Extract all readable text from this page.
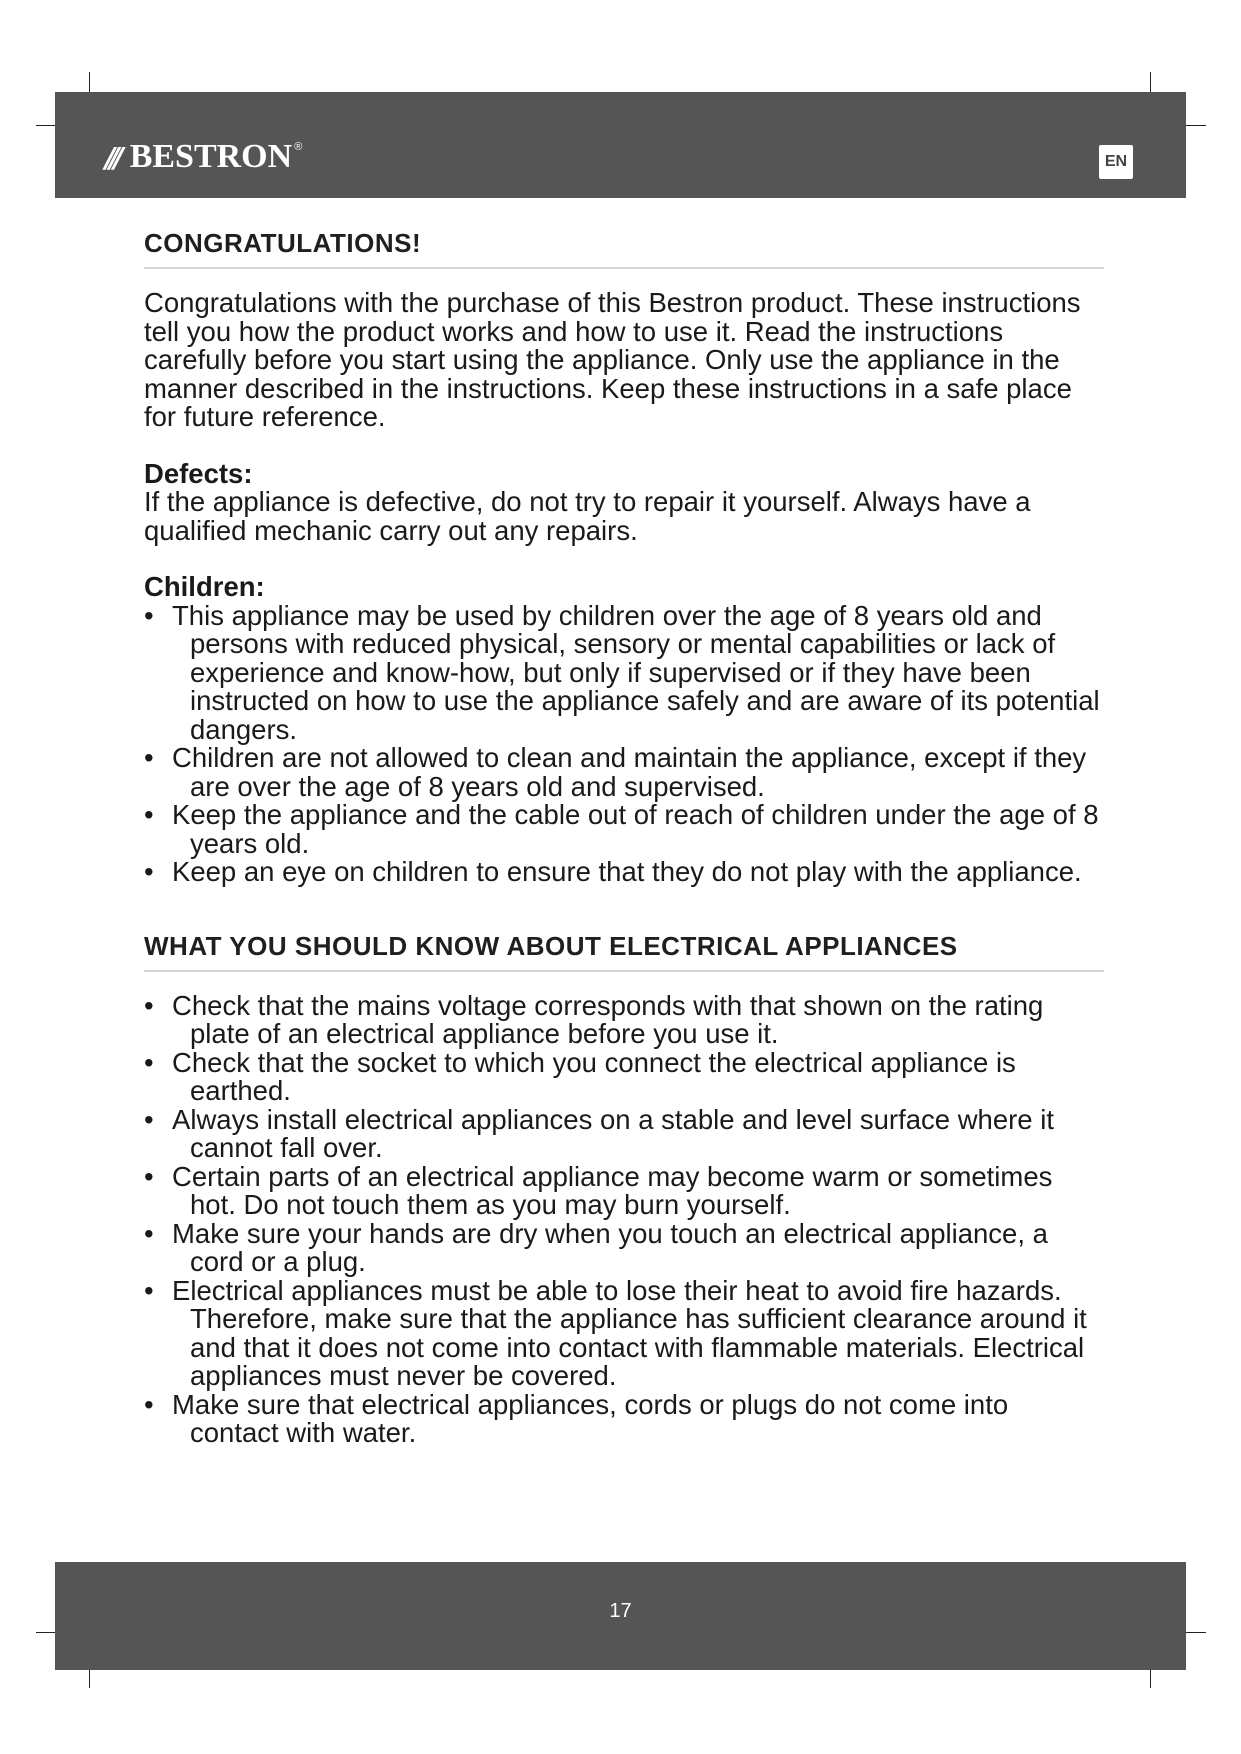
/// BESTRON ®
EN
CONGRATULATIONS!

Congratulations with the purchase of this Bestron product. These instructions tell you how the product works and how to use it. Read the instructions carefully before you start using the appliance. Only use the appliance in the manner described in the instructions. Keep these instructions in a safe place for future reference.

Defects:

If the appliance is defective, do not try to repair it yourself. Always have a qualified mechanic carry out any repairs.

Children:

• This appliance may be used by children over the age of 8 years old and persons with reduced physical, sensory or mental capabilities or lack of experience and know-how, but only if supervised or if they have been instructed on how to use the appliance safely and are aware of its potential dangers.
• Children are not allowed to clean and maintain the appliance, except if they are over the age of 8 years old and supervised.
• Keep the appliance and the cable out of reach of children under the age of 8 years old.
• Keep an eye on children to ensure that they do not play with the appliance.
WHAT YOU SHOULD KNOW ABOUT ELECTRICAL APPLIANCES
• Check that the mains voltage corresponds with that shown on the rating plate of an electrical appliance before you use it.
• Check that the socket to which you connect the electrical appliance is earthed.
• Always install electrical appliances on a stable and level surface where it cannot fall over.
• Certain parts of an electrical appliance may become warm or sometimes hot. Do not touch them as you may burn yourself.
• Make sure your hands are dry when you touch an electrical appliance, a cord or a plug.
• Electrical appliances must be able to lose their heat to avoid fire hazards. Therefore, make sure that the appliance has sufficient clearance around it and that it does not come into contact with flammable materials. Electrical appliances must never be covered.
• Make sure that electrical appliances, cords or plugs do not come into contact with water.
17
